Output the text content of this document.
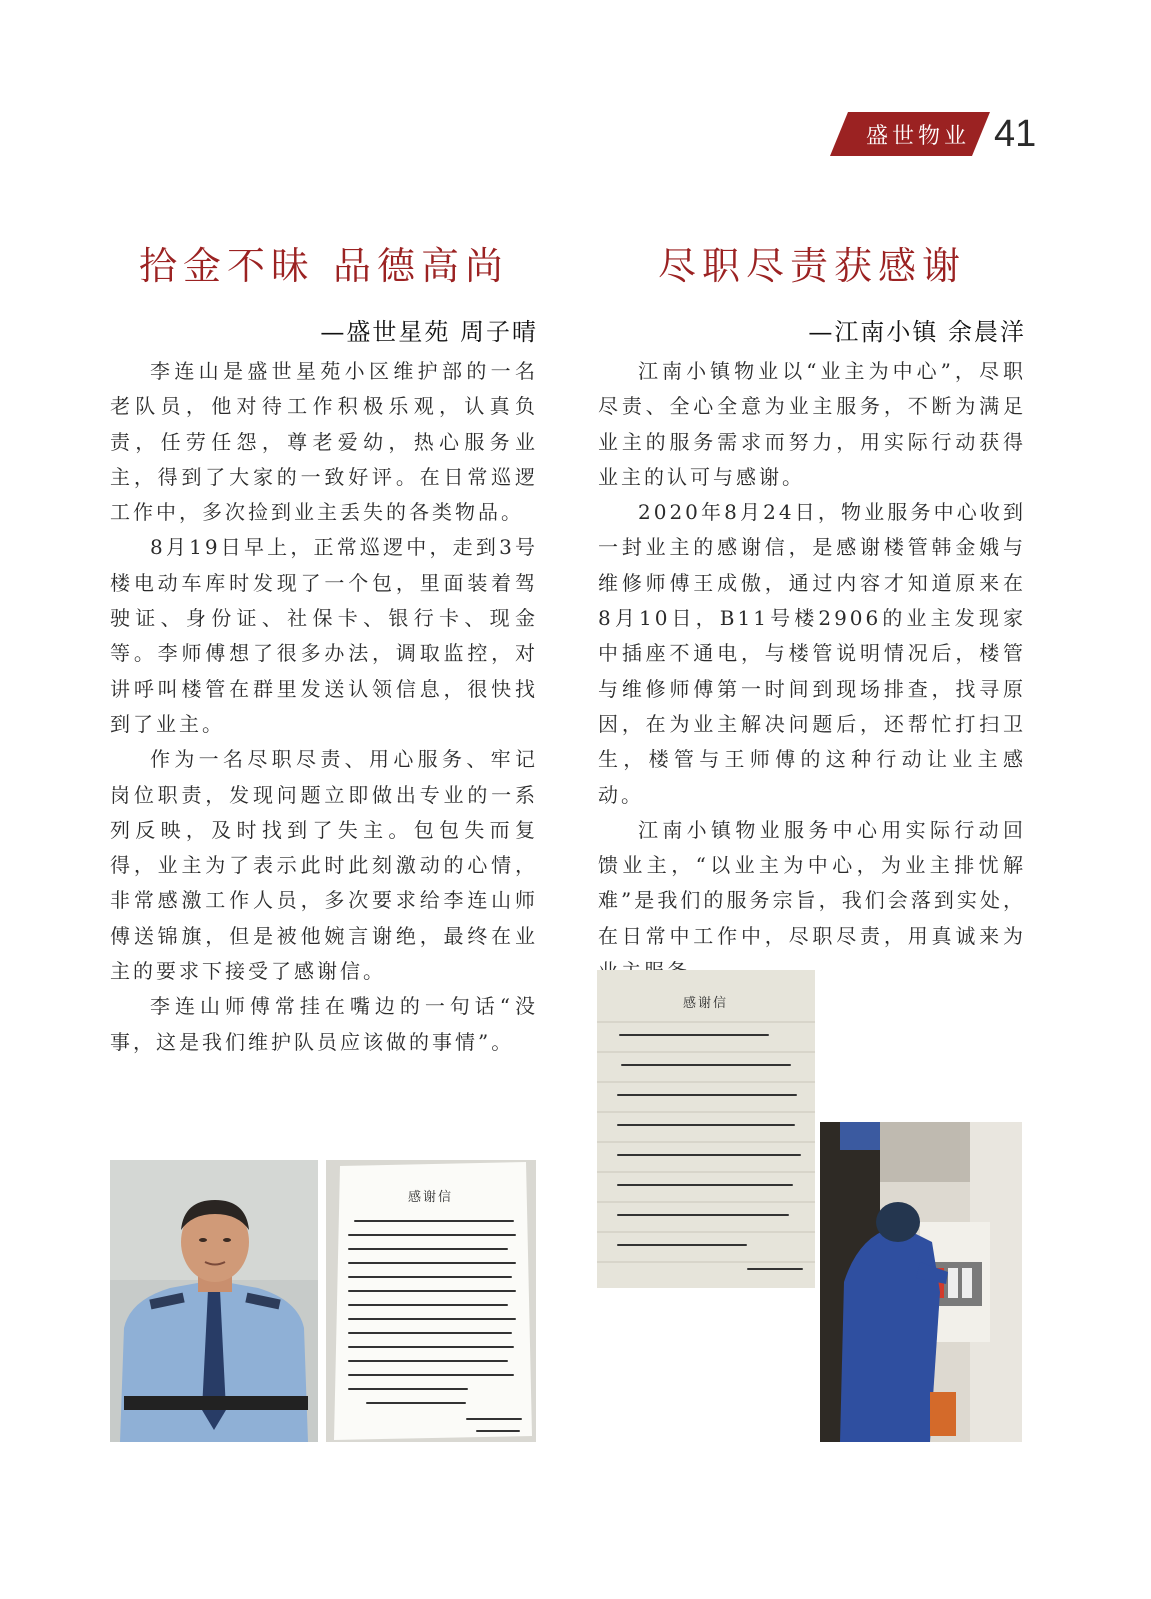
盛世物业 41
拾金不昧 品德高尚
—盛世星苑 周子晴

李连山是盛世星苑小区维护部的一名老队员，他对待工作积极乐观，认真负责，任劳任怨，尊老爱幼，热心服务业主，得到了大家的一致好评。在日常巡逻工作中，多次捡到业主丢失的各类物品。

8月19日早上，正常巡逻中，走到3号楼电动车库时发现了一个包，里面装着驾驶证、身份证、社保卡、银行卡、现金等。李师傅想了很多办法，调取监控，对讲呼叫楼管在群里发送认领信息，很快找到了业主。

作为一名尽职尽责、用心服务、牢记岗位职责，发现问题立即做出专业的一系列反映，及时找到了失主。包包失而复得，业主为了表示此时此刻激动的心情，非常感激工作人员，多次要求给李连山师傅送锦旗，但是被他婉言谢绝，最终在业主的要求下接受了感谢信。

李连山师傅常挂在嘴边的一句话“没事，这是我们维护队员应该做的事情”。

尽职尽责获感谢
—江南小镇 余晨洋

江南小镇物业以“业主为中心”，尽职尽责、全心全意为业主服务，不断为满足业主的服务需求而努力，用实际行动获得业主的认可与感谢。

2020年8月24日，物业服务中心收到一封业主的感谢信，是感谢楼管韩金娥与维修师傅王成傲，通过内容才知道原来在8月10日，B11号楼2906的业主发现家中插座不通电，与楼管说明情况后，楼管与维修师傅第一时间到现场排查，找寻原因，在为业主解决问题后，还帮忙打扫卫生，楼管与王师傅的这种行动让业主感动。

江南小镇物业服务中心用实际行动回馈业主，“以业主为中心，为业主排忧解难”是我们的服务宗旨，我们会落到实处，在日常中工作中，尽职尽责，用真诚来为

感谢信
感谢信
